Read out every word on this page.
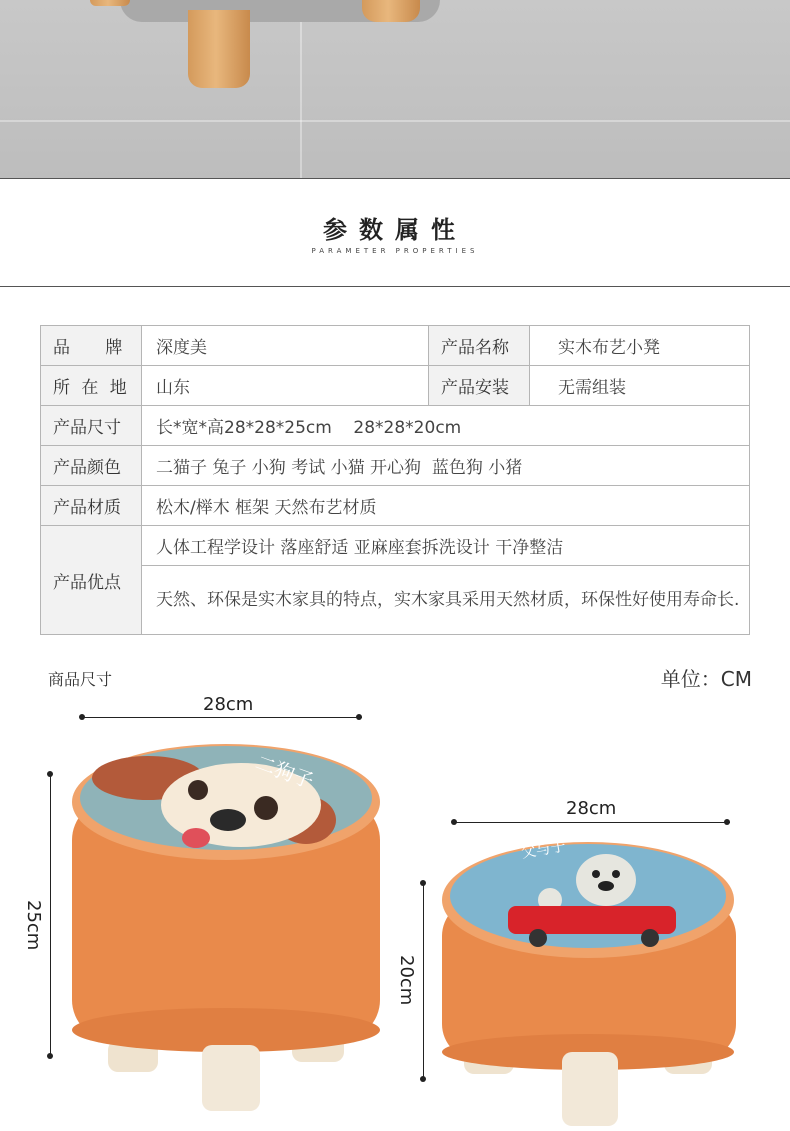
参数属性
PARAMETER PROPERTIES
品 牌	深度美	产品名称	实木布艺小凳
所 在 地	山东	产品安装	无需组装
产品尺寸	长*宽*高28*28*25cm    28*28*20cm		
产品颜色	二猫子 兔子 小狗 考试 小猫 开心狗  蓝色狗 小猪		
产品材质	松木/榉木 框架 天然布艺材质		
产品优点	人体工程学设计 落座舒适 亚麻座套拆洗设计 干净整洁		
	天然、环保是实木家具的特点，实木家具采用天然材质，环保性好使用寿命长.		
商品尺寸	单位：CM
28cm
25cm
二狗子
28cm
20cm
父与子
